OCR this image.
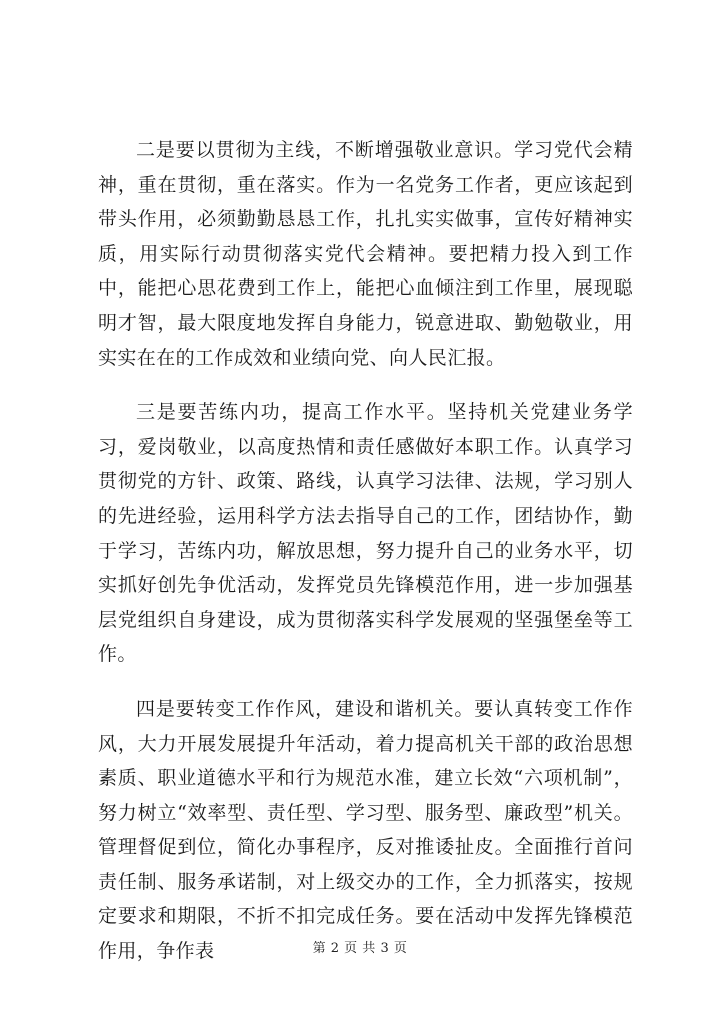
二是要以贯彻为主线，不断增强敬业意识。学习党代会精神，重在贯彻，重在落实。作为一名党务工作者，更应该起到带头作用，必须勤勤恳恳工作，扎扎实实做事，宣传好精神实质，用实际行动贯彻落实党代会精神。要把精力投入到工作中，能把心思花费到工作上，能把心血倾注到工作里，展现聪明才智，最大限度地发挥自身能力，锐意进取、勤勉敬业，用实实在在的工作成效和业绩向党、向人民汇报。

三是要苦练内功，提高工作水平。坚持机关党建业务学习，爱岗敬业，以高度热情和责任感做好本职工作。认真学习贯彻党的方针、政策、路线，认真学习法律、法规，学习别人的先进经验，运用科学方法去指导自己的工作，团结协作，勤于学习，苦练内功，解放思想，努力提升自己的业务水平，切实抓好创先争优活动，发挥党员先锋模范作用，进一步加强基层党组织自身建设，成为贯彻落实科学发展观的坚强堡垒等工作。

四是要转变工作作风，建设和谐机关。要认真转变工作作风，大力开展发展提升年活动，着力提高机关干部的政治思想素质、职业道德水平和行为规范水准，建立长效“六项机制”，努力树立“效率型、责任型、学习型、服务型、廉政型”机关。管理督促到位，简化办事程序，反对推诿扯皮。全面推行首问责任制、服务承诺制，对上级交办的工作，全力抓落实，按规定要求和期限，不折不扣完成任务。要在活动中发挥先锋模范作用，争作表	第 2 页 共 3 页
